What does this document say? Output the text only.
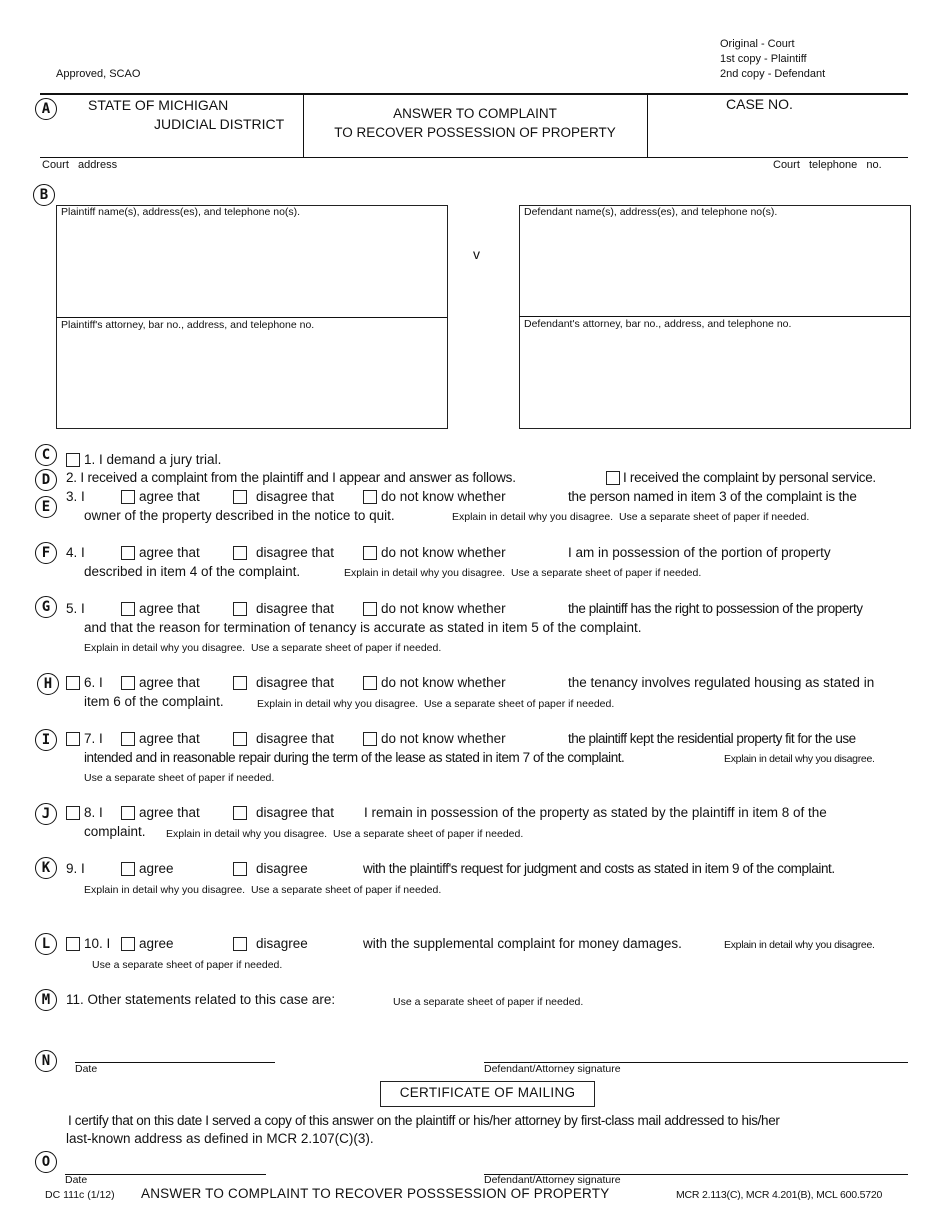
Original - Court
1st copy - Plaintiff
2nd copy - Defendant
Approved, SCAO
A	STATE OF MICHIGAN
JUDICIAL DISTRICT
ANSWER TO COMPLAINT
TO RECOVER POSSESSION OF PROPERTY
CASE NO.
Court address	Court telephone no.
B
Plaintiff name(s), address(es), and telephone no(s).
Plaintiff's attorney, bar no., address, and telephone no.
v
Defendant name(s), address(es), and telephone no(s).
Defendant's attorney, bar no., address, and telephone no.
C	1. I demand a jury trial.
D	2. I received a complaint from the plaintiff and I appear and answer as follows.	I received the complaint by personal service.
E
3. I	agree that	disagree that	do not know whether	the person named in item 3 of the complaint is the
owner of the property described in the notice to quit.	Explain in detail why you disagree. Use a separate sheet of paper if needed.
F	4. I	agree that	disagree that	do not know whether	I am in possession of the portion of property
described in item 4 of the complaint.	Explain in detail why you disagree. Use a separate sheet of paper if needed.
G	5. I	agree that	disagree that	do not know whether	the plaintiff has the right to possession of the property
and that the reason for termination of tenancy is accurate as stated in item 5 of the complaint.
Explain in detail why you disagree. Use a separate sheet of paper if needed.
H	6. I	agree that	disagree that	do not know whether	the tenancy involves regulated housing as stated in
item 6 of the complaint.	Explain in detail why you disagree. Use a separate sheet of paper if needed.
I	7. I	agree that	disagree that	do not know whether	the plaintiff kept the residential property fit for the use
intended and in reasonable repair during the term of the lease as stated in item 7 of the complaint.	Explain in detail why you disagree.
Use a separate sheet of paper if needed.
J	8. I	agree that	disagree that I remain in possession of the property as stated by the plaintiff in item 8 of the
complaint. Explain in detail why you disagree. Use a separate sheet of paper if needed.
K	9. I	agree	disagree	with the plaintiff's request for judgment and costs as stated in item 9 of the complaint.
Explain in detail why you disagree. Use a separate sheet of paper if needed.
L	10. I agree	disagree	with the supplemental complaint for money damages.	Explain in detail why you disagree.
Use a separate sheet of paper if needed.
M	11. Other statements related to this case are:	Use a separate sheet of paper if needed.
N	Date	Defendant/Attorney signature
CERTIFICATE OF MAILING
I certify that on this date I served a copy of this answer on the plaintiff or his/her attorney by first-class mail addressed to his/her
last-known address as defined in MCR 2.107(C)(3).
O
Date	Defendant/Attorney signature
DC 111c (1/12) ANSWER TO COMPLAINT TO RECOVER POSSSESSION OF PROPERTY	MCR 2.113(C), MCR 4.201(B), MCL 600.5720
